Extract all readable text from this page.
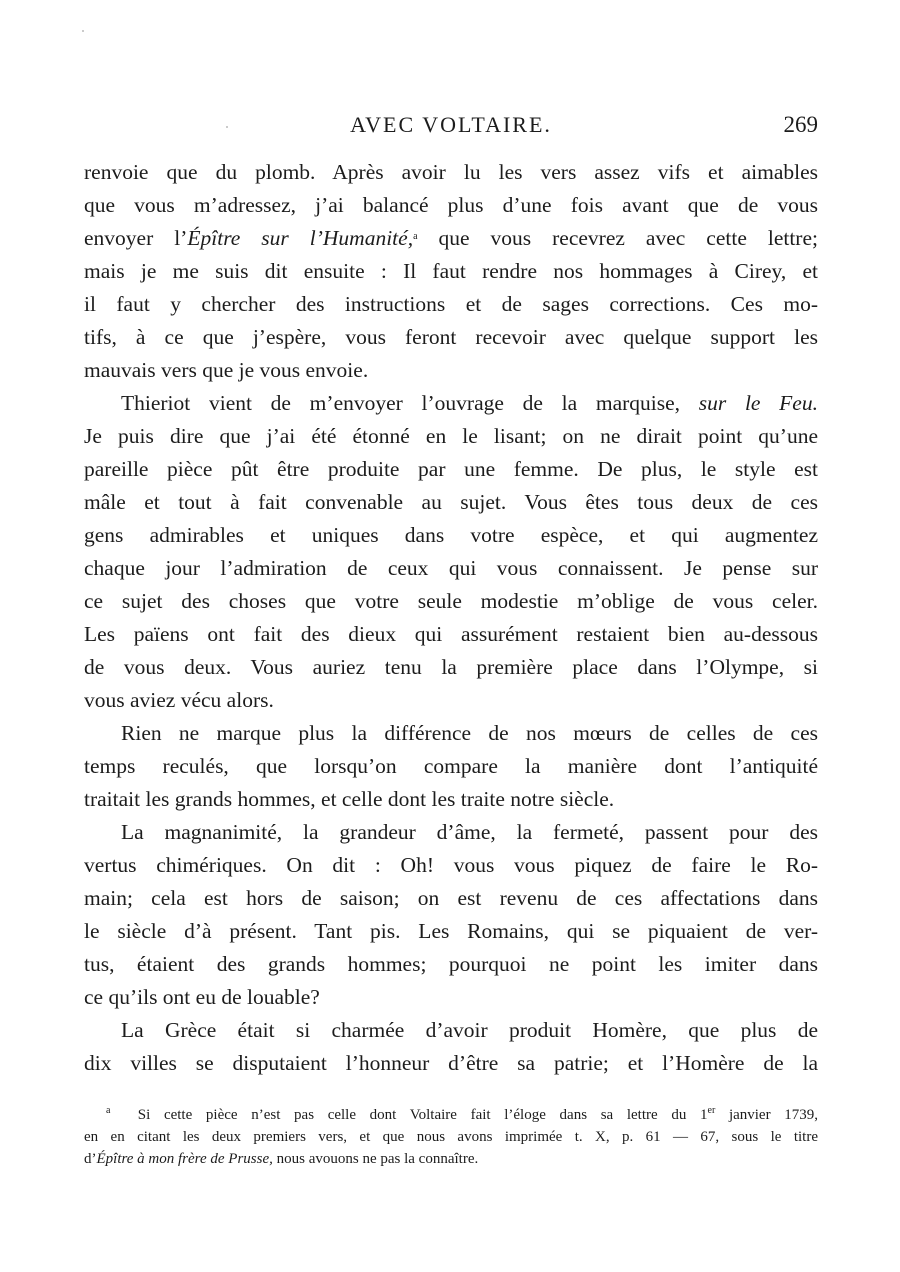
AVEC VOLTAIRE.	269
renvoie que du plomb. Après avoir lu les vers assez vifs et aimables
que vous m’adressez, j’ai balancé plus d’une fois avant que de vous
envoyer l’Épître sur l’Humanité,$^a$ que vous recevrez avec cette lettre;
mais je me suis dit ensuite : Il faut rendre nos hommages à Cirey, et
il faut y chercher des instructions et de sages corrections. Ces mo-
tifs, à ce que j’espère, vous feront recevoir avec quelque support les
mauvais vers que je vous envoie.
Thieriot vient de m’envoyer l’ouvrage de la marquise, sur le Feu.
Je puis dire que j’ai été étonné en le lisant; on ne dirait point qu’une
pareille pièce pût être produite par une femme. De plus, le style est
mâle et tout à fait convenable au sujet. Vous êtes tous deux de ces
gens admirables et uniques dans votre espèce, et qui augmentez
chaque jour l’admiration de ceux qui vous connaissent. Je pense sur
ce sujet des choses que votre seule modestie m’oblige de vous celer.
Les païens ont fait des dieux qui assurément restaient bien au-dessous
de vous deux. Vous auriez tenu la première place dans l’Olympe, si
vous aviez vécu alors.
Rien ne marque plus la différence de nos mœurs de celles de ces
temps reculés, que lorsqu’on compare la manière dont l’antiquité
traitait les grands hommes, et celle dont les traite notre siècle.
La magnanimité, la grandeur d’âme, la fermeté, passent pour des
vertus chimériques. On dit : Oh! vous vous piquez de faire le Ro-
main; cela est hors de saison; on est revenu de ces affectations dans
le siècle d’à présent. Tant pis. Les Romains, qui se piquaient de ver-
tus, étaient des grands hommes; pourquoi ne point les imiter dans
ce qu’ils ont eu de louable?
La Grèce était si charmée d’avoir produit Homère, que plus de
dix villes se disputaient l’honneur d’être sa patrie; et l’Homère de la
$^a$ Si cette pièce n’est pas celle dont Voltaire fait l’éloge dans sa lettre du 1er janvier 1739,
en en citant les deux premiers vers, et que nous avons imprimée t. X, p. 61 — 67, sous le titre
d’Épître à mon frère de Prusse, nous avouons ne pas la connaître.
